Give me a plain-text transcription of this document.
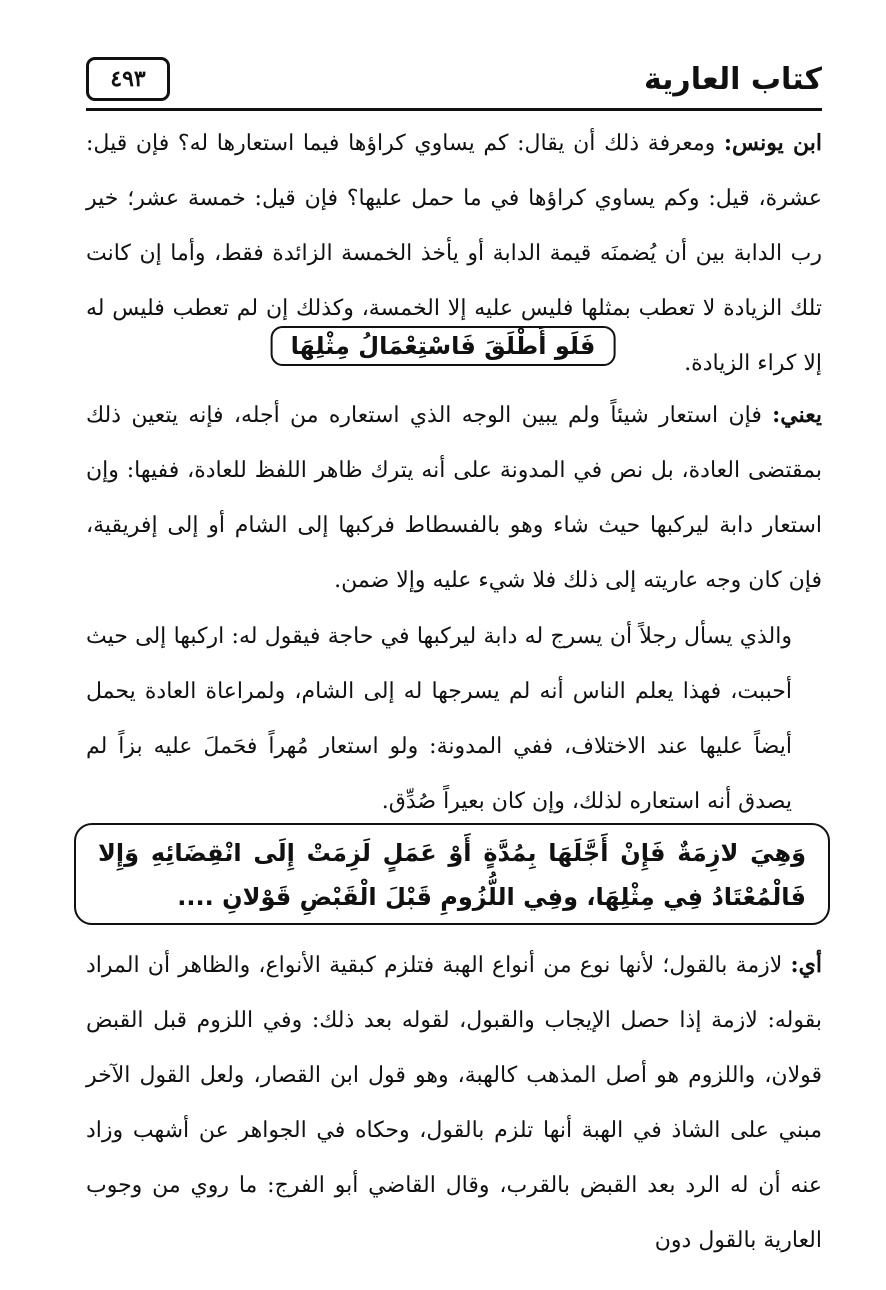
كتاب العارية
٤٩٣
ابن يونس: ومعرفة ذلك أن يقال: كم يساوي كراؤها فيما استعارها له؟ فإن قيل: عشرة، قيل: وكم يساوي كراؤها في ما حمل عليها؟ فإن قيل: خمسة عشر؛ خير رب الدابة بين أن يُضمنَه قيمة الدابة أو يأخذ الخمسة الزائدة فقط، وأما إن كانت تلك الزيادة لا تعطب بمثلها فليس عليه إلا الخمسة، وكذلك إن لم تعطب فليس له إلا كراء الزيادة.
فَلَو أَطْلَقَ فَاسْتِعْمَالُ مِثْلِهَا
يعني: فإن استعار شيئاً ولم يبين الوجه الذي استعاره من أجله، فإنه يتعين ذلك بمقتضى العادة، بل نص في المدونة على أنه يترك ظاهر اللفظ للعادة، ففيها: وإن استعار دابة ليركبها حيث شاء وهو بالفسطاط فركبها إلى الشام أو إلى إفريقية، فإن كان وجه عاريته إلى ذلك فلا شيء عليه وإلا ضمن.
والذي يسأل رجلاً أن يسرج له دابة ليركبها في حاجة فيقول له: اركبها إلى حيث أحببت، فهذا يعلم الناس أنه لم يسرجها له إلى الشام، ولمراعاة العادة يحمل أيضاً عليها عند الاختلاف، ففي المدونة: ولو استعار مُهراً فحَملَ عليه بزاً لم يصدق أنه استعاره لذلك، وإن كان بعيراً صُدِّق.
وَهِيَ لازِمَةٌ فَإِنْ أَجَّلَهَا بِمُدَّةٍ أَوْ عَمَلٍ لَزِمَتْ إِلَى انْقِضَائِهِ وَإِلا فَالْمُعْتَادُ فِي مِثْلِهَا، وفِي اللُّزُومِ قَبْلَ الْقَبْضِ قَوْلانِ ....
أي: لازمة بالقول؛ لأنها نوع من أنواع الهبة فتلزم كبقية الأنواع، والظاهر أن المراد بقوله: لازمة إذا حصل الإيجاب والقبول، لقوله بعد ذلك: وفي اللزوم قبل القبض قولان، واللزوم هو أصل المذهب كالهبة، وهو قول ابن القصار، ولعل القول الآخر مبني على الشاذ في الهبة أنها تلزم بالقول، وحكاه في الجواهر عن أشهب وزاد عنه أن له الرد بعد القبض بالقرب، وقال القاضي أبو الفرج: ما روي من وجوب العارية بالقول دون
